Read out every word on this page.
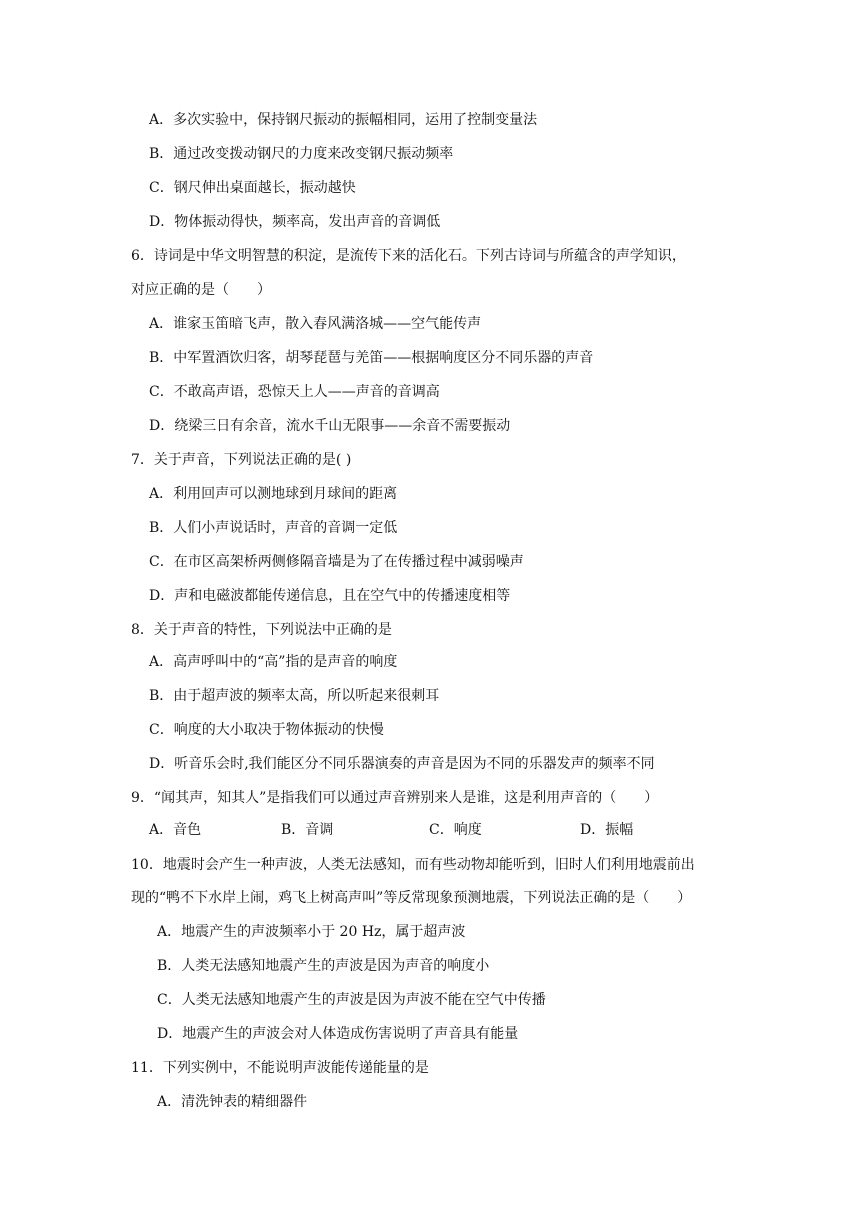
A．多次实验中，保持钢尺振动的振幅相同，运用了控制变量法
B．通过改变拨动钢尺的力度来改变钢尺振动频率
C．钢尺伸出桌面越长，振动越快
D．物体振动得快，频率高，发出声音的音调低
6．诗词是中华文明智慧的积淀，是流传下来的活化石。下列古诗词与所蕴含的声学知识，
对应正确的是（　　）
A．谁家玉笛暗飞声，散入春风满洛城——空气能传声
B．中军置酒饮归客，胡琴琵琶与羌笛——根据响度区分不同乐器的声音
C．不敢高声语，恐惊天上人——声音的音调高
D．绕梁三日有余音，流水千山无限事——余音不需要振动
7．关于声音，下列说法正确的是( )
A．利用回声可以测地球到月球间的距离
B．人们小声说话时，声音的音调一定低
C．在市区高架桥两侧修隔音墙是为了在传播过程中减弱噪声
D．声和电磁波都能传递信息，且在空气中的传播速度相等
8．关于声音的特性，下列说法中正确的是
A．高声呼叫中的“高”指的是声音的响度
B．由于超声波的频率太高，所以听起来很刺耳
C．响度的大小取决于物体振动的快慢
D．听音乐会时,我们能区分不同乐器演奏的声音是因为不同的乐器发声的频率不同
9．“闻其声，知其人”是指我们可以通过声音辨别来人是谁，这是利用声音的（　　）
A．音色	B．音调	C．响度	D．振幅
10．地震时会产生一种声波，人类无法感知，而有些动物却能听到，旧时人们利用地震前出
现的“鸭不下水岸上闹，鸡飞上树高声叫”等反常现象预测地震，下列说法正确的是（　　）
A．地震产生的声波频率小于 20 Hz，属于超声波
B．人类无法感知地震产生的声波是因为声音的响度小
C．人类无法感知地震产生的声波是因为声波不能在空气中传播
D．地震产生的声波会对人体造成伤害说明了声音具有能量
11．下列实例中，不能说明声波能传递能量的是
A．清洗钟表的精细器件
